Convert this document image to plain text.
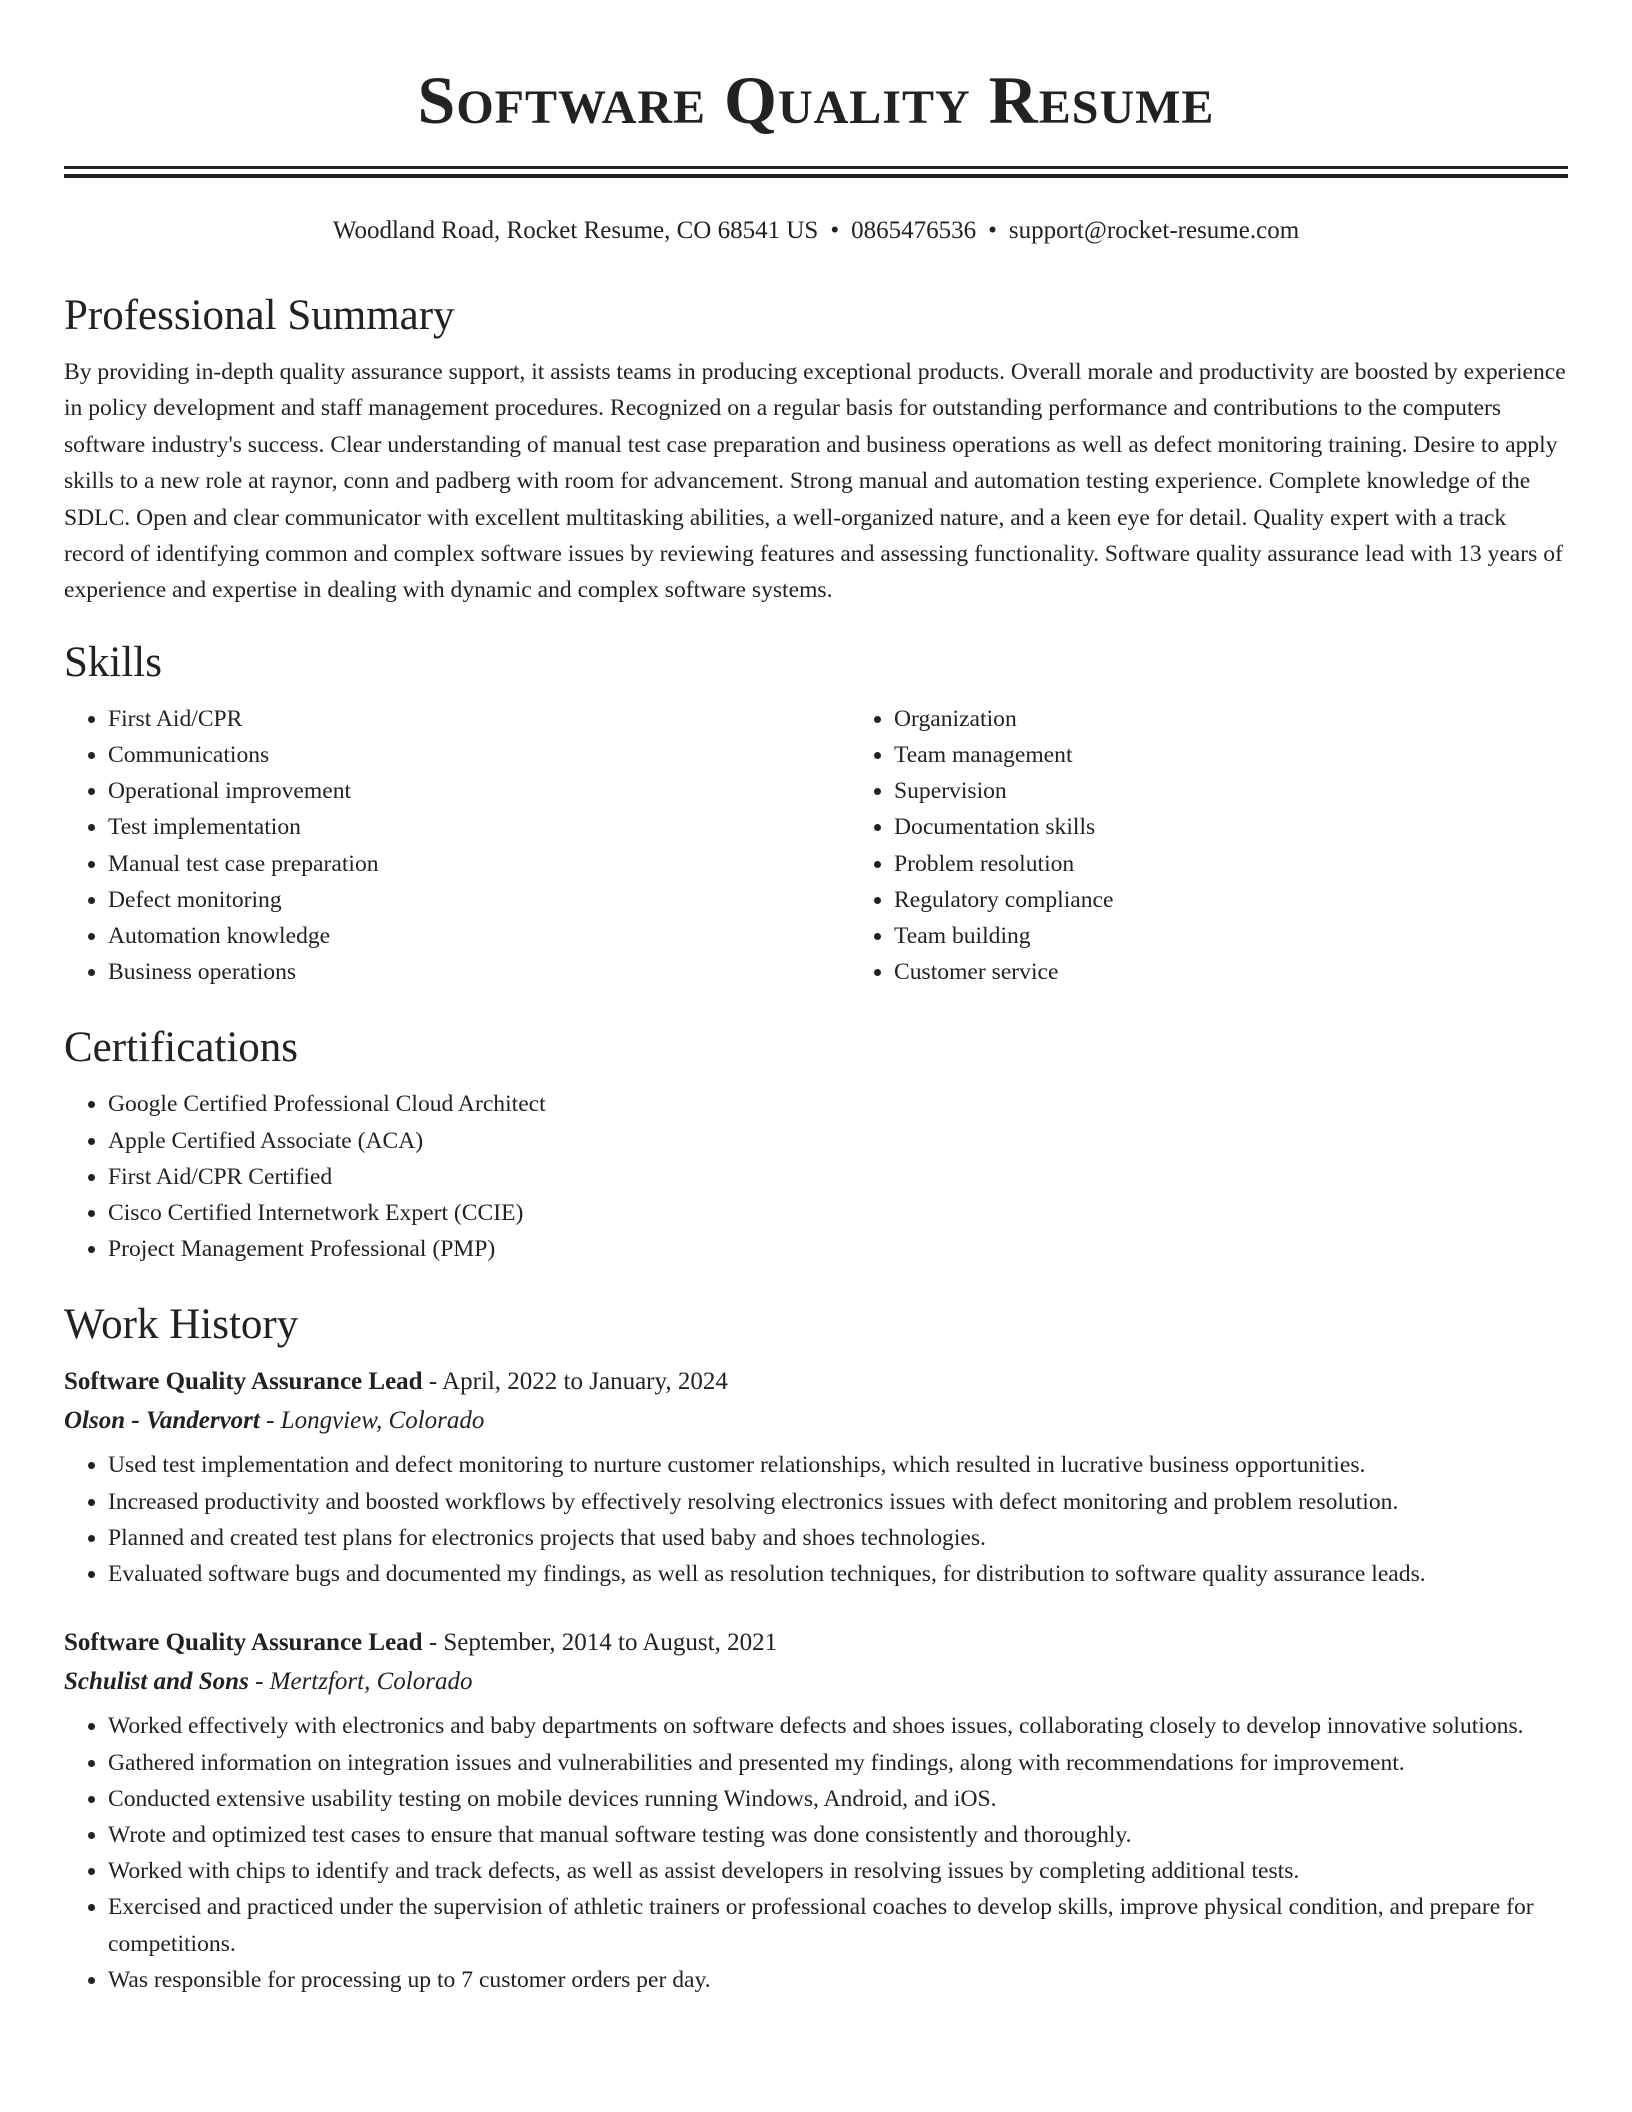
Software Quality Resume
Woodland Road, Rocket Resume, CO 68541 US • 0865476536 • support@rocket-resume.com
Professional Summary

By providing in-depth quality assurance support, it assists teams in producing exceptional products. Overall morale and productivity are boosted by experience in policy development and staff management procedures. Recognized on a regular basis for outstanding performance and contributions to the computers software industry's success. Clear understanding of manual test case preparation and business operations as well as defect monitoring training. Desire to apply skills to a new role at raynor, conn and padberg with room for advancement. Strong manual and automation testing experience. Complete knowledge of the SDLC. Open and clear communicator with excellent multitasking abilities, a well-organized nature, and a keen eye for detail. Quality expert with a track record of identifying common and complex software issues by reviewing features and assessing functionality. Software quality assurance lead with 13 years of experience and expertise in dealing with dynamic and complex software systems.

Skills
• First Aid/CPR
• Communications
• Operational improvement
• Test implementation
• Manual test case preparation
• Defect monitoring
• Automation knowledge
• Business operations
• Organization
• Team management
• Supervision
• Documentation skills
• Problem resolution
• Regulatory compliance
• Team building
• Customer service
Certifications
• Google Certified Professional Cloud Architect
• Apple Certified Associate (ACA)
• First Aid/CPR Certified
• Cisco Certified Internetwork Expert (CCIE)
• Project Management Professional (PMP)
Work History
Software Quality Assurance Lead - April, 2022 to January, 2024
Olson - Vandervort - Longview, Colorado
• Used test implementation and defect monitoring to nurture customer relationships, which resulted in lucrative business opportunities.
• Increased productivity and boosted workflows by effectively resolving electronics issues with defect monitoring and problem resolution.
• Planned and created test plans for electronics projects that used baby and shoes technologies.
• Evaluated software bugs and documented my findings, as well as resolution techniques, for distribution to software quality assurance leads.
Software Quality Assurance Lead - September, 2014 to August, 2021
Schulist and Sons - Mertzfort, Colorado
• Worked effectively with electronics and baby departments on software defects and shoes issues, collaborating closely to develop innovative solutions.
• Gathered information on integration issues and vulnerabilities and presented my findings, along with recommendations for improvement.
• Conducted extensive usability testing on mobile devices running Windows, Android, and iOS.
• Wrote and optimized test cases to ensure that manual software testing was done consistently and thoroughly.
• Worked with chips to identify and track defects, as well as assist developers in resolving issues by completing additional tests.
• Exercised and practiced under the supervision of athletic trainers or professional coaches to develop skills, improve physical condition, and prepare for competitions.
• Was responsible for processing up to 7 customer orders per day.
